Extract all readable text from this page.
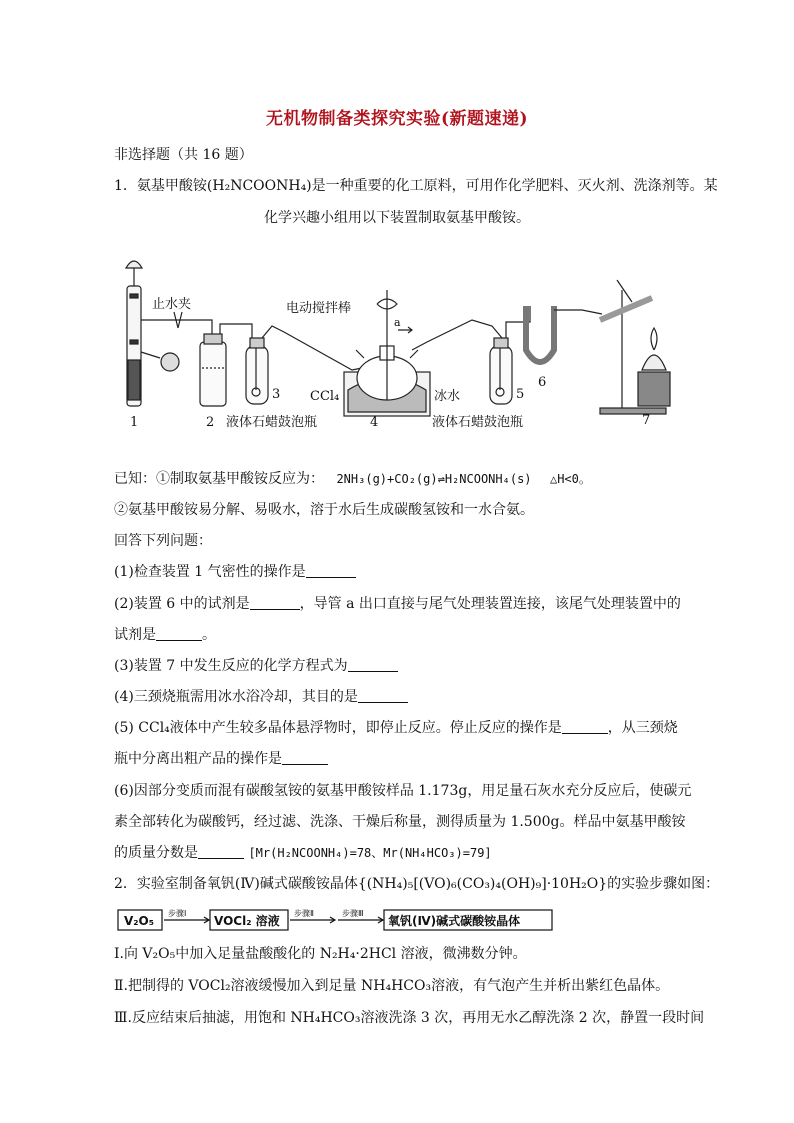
无机物制备类探究实验(新题速递)
非选择题（共 16 题）
1．氨基甲酸铵(H₂NCOONH₄)是一种重要的化工原料，可用作化学肥料、灭火剂、洗涤剂等。某
化学兴趣小组用以下装置制取氨基甲酸铵。
止水夹	电动搅拌棒
a
CCl₄	冰水
液体石蜡鼓泡瓶	液体石蜡鼓泡瓶
1	2
3
4
5
6
7
已知：①制取氨基甲酸铵反应为： 2NH₃(g)+CO₂(g)⇌H₂NCOONH₄(s) △H<0。
②氨基甲酸铵易分解、易吸水，溶于水后生成碳酸氢铵和一水合氨。
回答下列问题：
(1)检查装置 1 气密性的操作是
(2)装置 6 中的试剂是	，导管 a 出口直接与尾气处理装置连接，该尾气处理装置中的
试剂是	。
(3)装置 7 中发生反应的化学方程式为
(4)三颈烧瓶需用冰水浴冷却，其目的是
(5) CCl₄液体中产生较多晶体悬浮物时，即停止反应。停止反应的操作是	，从三颈烧
瓶中分离出粗产品的操作是
(6)因部分变质而混有碳酸氢铵的氨基甲酸铵样品 1.173g，用足量石灰水充分反应后，使碳元
素全部转化为碳酸钙，经过滤、洗涤、干燥后称量，测得质量为 1.500g。样品中氨基甲酸铵
的质量分数是	[Mr(H₂NCOONH₄)=78、Mr(NH₄HCO₃)=79]
2．实验室制备氧钒(Ⅳ)碱式碳酸铵晶体{(NH₄)₅[(VO)₆(CO₃)₄(OH)₉]·10H₂O}的实验步骤如图：
V₂O₅
步骤Ⅰ
VOCl₂ 溶液
步骤Ⅱ	步骤Ⅲ
氧钒(Ⅳ)碱式碳酸铵晶体
Ⅰ.向 V₂O₅中加入足量盐酸酸化的 N₂H₄·2HCl 溶液，微沸数分钟。
Ⅱ.把制得的 VOCl₂溶液缓慢加入到足量 NH₄HCO₃溶液，有气泡产生并析出紫红色晶体。
Ⅲ.反应结束后抽滤，用饱和 NH₄HCO₃溶液洗涤 3 次，再用无水乙醇洗涤 2 次，静置一段时间
